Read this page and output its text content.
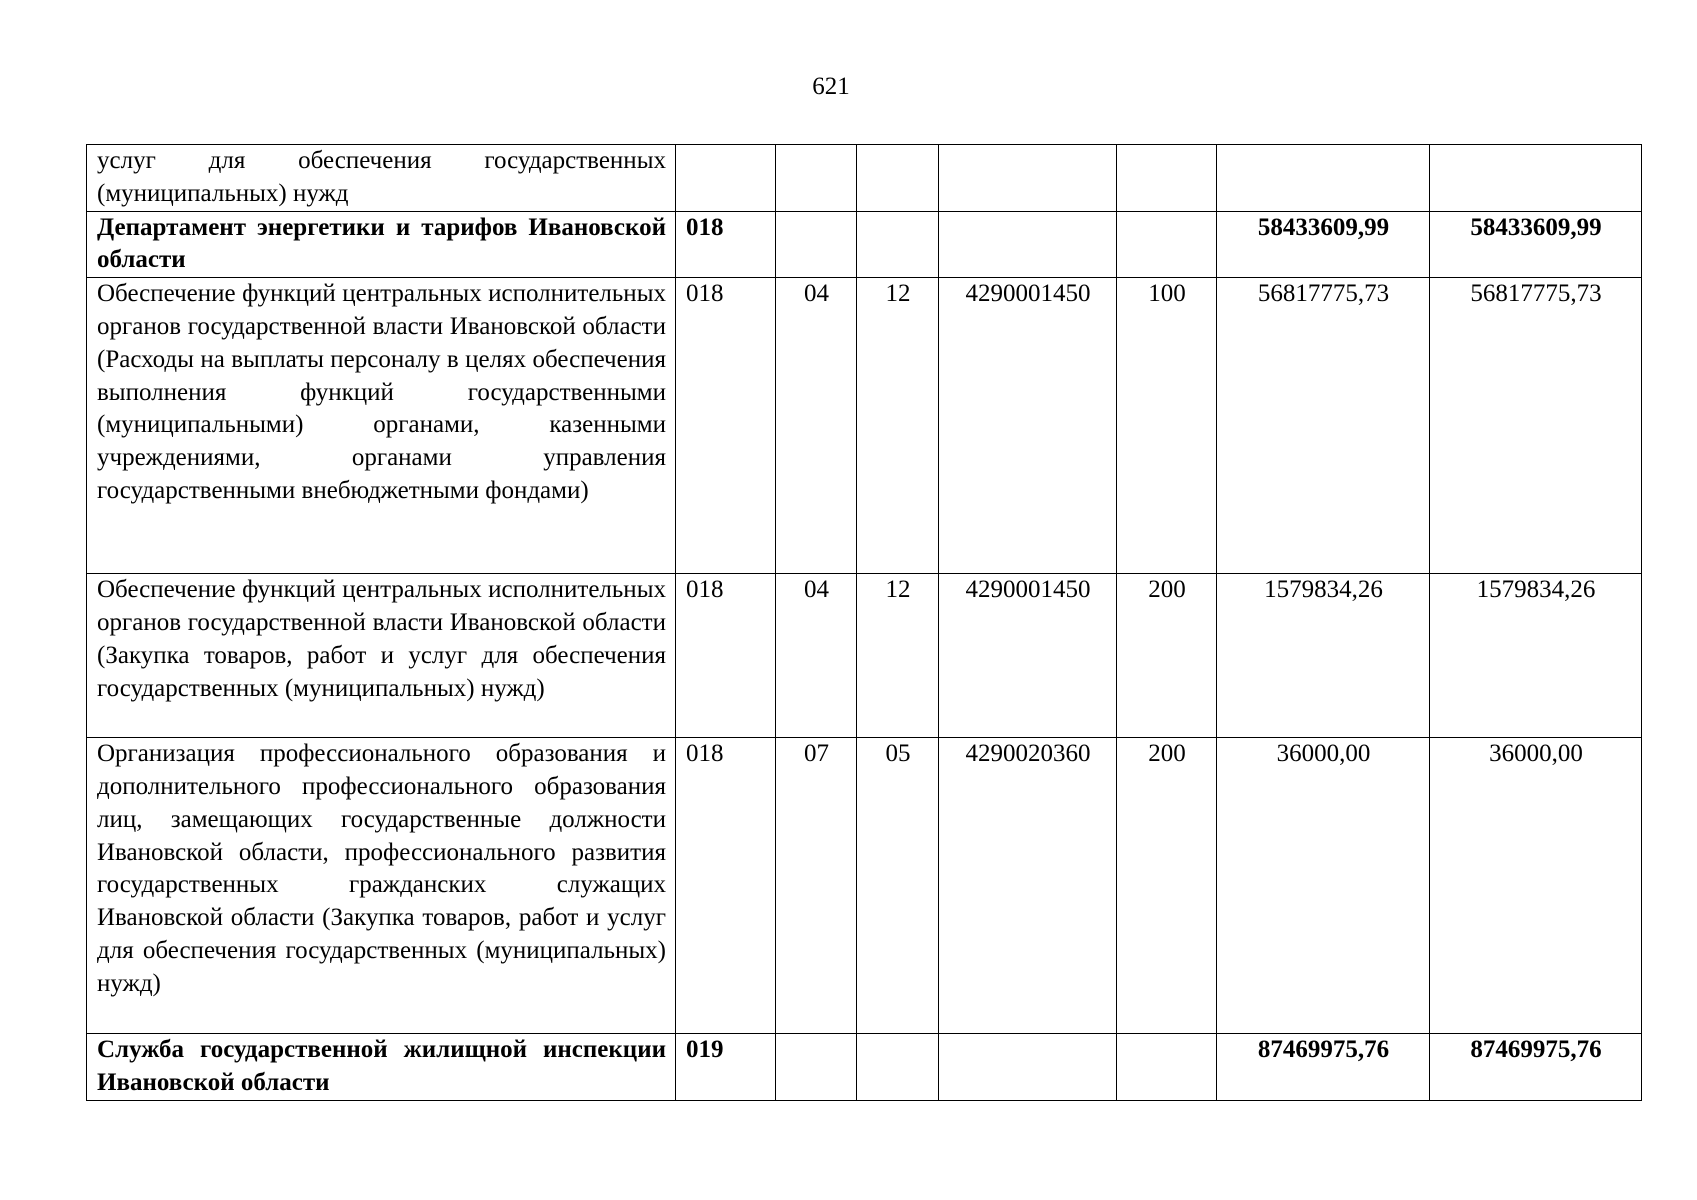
621
услуг для обеспечения государственных (муниципальных) нужд							
Департамент энергетики и тарифов Ивановской области	018					58433609,99	58433609,99
Обеспечение функций центральных исполнительных органов государственной власти Ивановской области (Расходы на выплаты персоналу в целях обеспечения выполнения функций государственными (муниципальными) органами, казенными учреждениями, органами управления государственными внебюджетными фондами)	018	04	12	4290001450	100	56817775,73	56817775,73
Обеспечение функций центральных исполнительных органов государственной власти Ивановской области (Закупка товаров, работ и услуг для обеспечения государственных (муниципальных) нужд)	018	04	12	4290001450	200	1579834,26	1579834,26
Организация профессионального образования и дополнительного профессионального образования лиц, замещающих государственные должности Ивановской области, профессионального развития государственных гражданских служащих Ивановской области (Закупка товаров, работ и услуг для обеспечения государственных (муниципальных) нужд)	018	07	05	4290020360	200	36000,00	36000,00
Служба государственной жилищной инспекции Ивановской области	019					87469975,76	87469975,76
